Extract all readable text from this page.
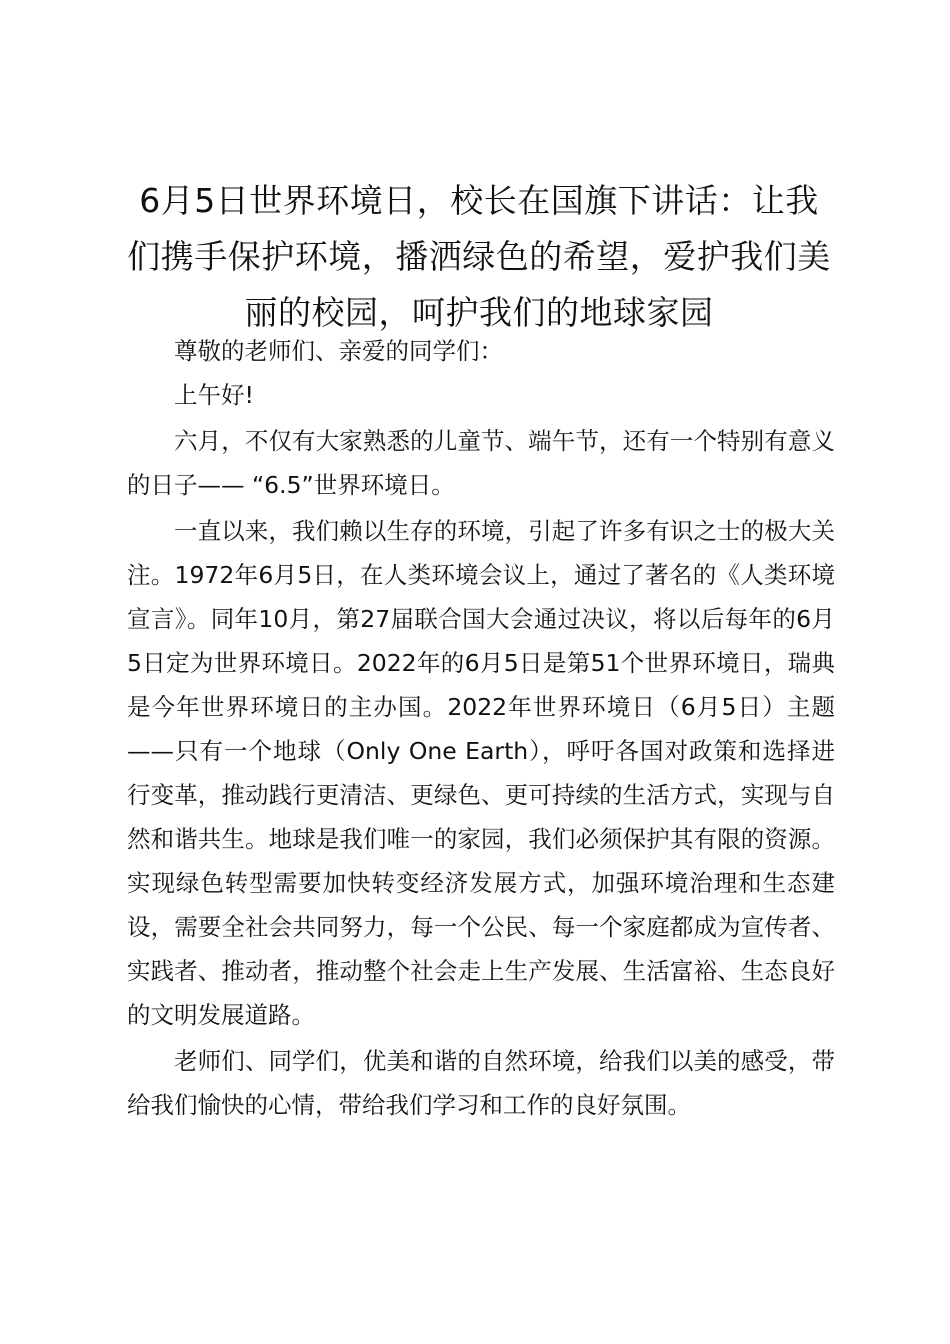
6月5日世界环境日，校长在国旗下讲话：让我们携手保护环境，播洒绿色的希望，爱护我们美丽的校园，呵护我们的地球家园

尊敬的老师们、亲爱的同学们：

上午好!

六月，不仅有大家熟悉的儿童节、端午节，还有一个特别有意义的日子—— “6.5”世界环境日。

一直以来，我们赖以生存的环境，引起了许多有识之士的极大关注。1972年6月5日，在人类环境会议上，通过了著名的《人类环境宣言》。同年10月，第27届联合国大会通过决议，将以后每年的6月5日定为世界环境日。2022年的6月5日是第51个世界环境日，瑞典是今年世界环境日的主办国。2022年世界环境日（6月5日）主题——只有一个地球（Only One Earth），呼吁各国对政策和选择进行变革，推动践行更清洁、更绿色、更可持续的生活方式，实现与自然和谐共生。地球是我们唯一的家园，我们必须保护其有限的资源。实现绿色转型需要加快转变经济发展方式，加强环境治理和生态建设，需要全社会共同努力，每一个公民、每一个家庭都成为宣传者、实践者、推动者，推动整个社会走上生产发展、生活富裕、生态良好的文明发展道路。

老师们、同学们，优美和谐的自然环境，给我们以美的感受，带给我们愉快的心情，带给我们学习和工作的良好氛围。
